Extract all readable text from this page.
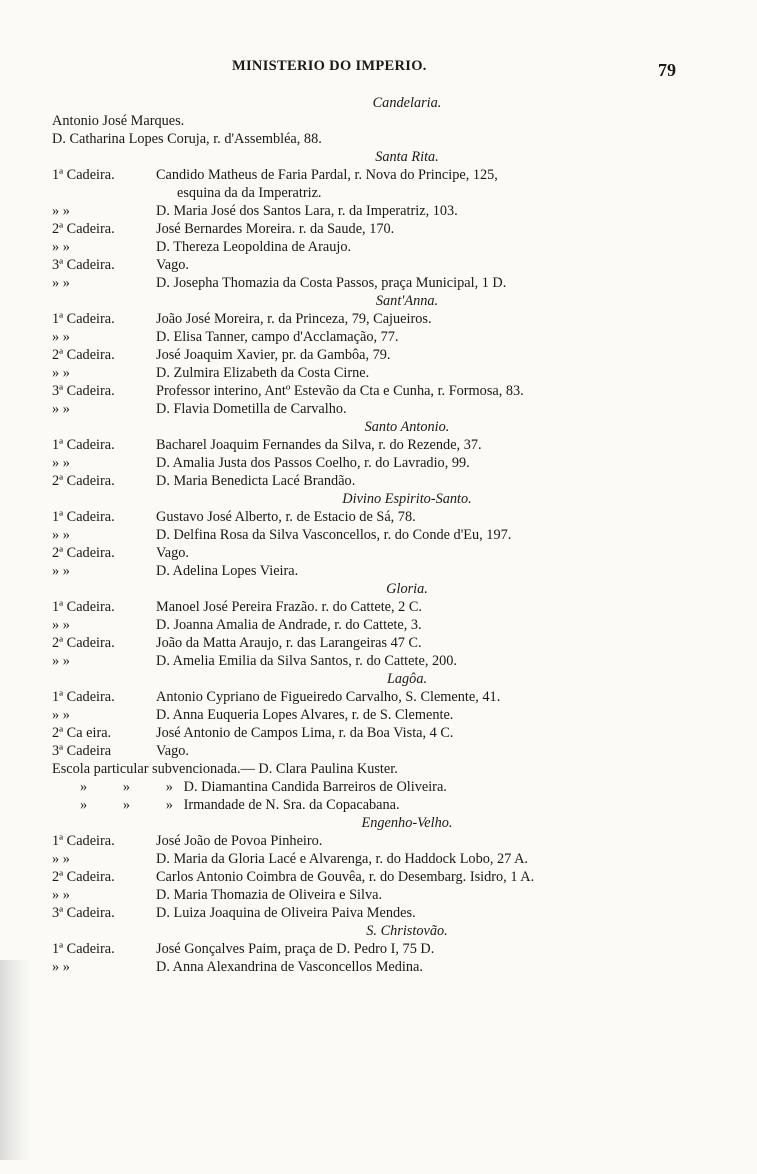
MINISTERIO DO IMPERIO.	79
Candelaria.
Antonio José Marques.
D. Catharina Lopes Coruja, r. d'Assembléa, 88.
Santa Rita.
1ª Cadeira.	Candido Matheus de Faria Pardal, r. Nova do Principe, 125,
esquina da da Imperatriz.
» »	D. Maria José dos Santos Lara, r. da Imperatriz, 103.
2ª Cadeira.	José Bernardes Moreira. r. da Saude, 170.
» »	D. Thereza Leopoldina de Araujo.
3ª Cadeira.	Vago.
» »	D. Josepha Thomazia da Costa Passos, praça Municipal, 1 D.
Sant'Anna.
1ª Cadeira.	João José Moreira, r. da Princeza, 79, Cajueiros.
» »	D. Elisa Tanner, campo d'Acclamação, 77.
2ª Cadeira.	José Joaquim Xavier, pr. da Gambôa, 79.
» »	D. Zulmira Elizabeth da Costa Cirne.
3ª Cadeira.	Professor interino, Antº Estevão da Cta e Cunha, r. Formosa, 83.
» »	D. Flavia Dometilla de Carvalho.
Santo Antonio.
1ª Cadeira.	Bacharel Joaquim Fernandes da Silva, r. do Rezende, 37.
» »	D. Amalia Justa dos Passos Coelho, r. do Lavradio, 99.
2ª Cadeira.	D. Maria Benedicta Lacé Brandão.
Divino Espirito-Santo.
1ª Cadeira.	Gustavo José Alberto, r. de Estacio de Sá, 78.
» »	D. Delfina Rosa da Silva Vasconcellos, r. do Conde d'Eu, 197.
2ª Cadeira.	Vago.
» »	D. Adelina Lopes Vieira.
Gloria.
1ª Cadeira.	Manoel José Pereira Frazão. r. do Cattete, 2 C.
» »	D. Joanna Amalia de Andrade, r. do Cattete, 3.
2ª Cadeira.	João da Matta Araujo, r. das Larangeiras 47 C.
» »	D. Amelia Emilia da Silva Santos, r. do Cattete, 200.
Lagôa.
1ª Cadeira.	Antonio Cypriano de Figueiredo Carvalho, S. Clemente, 41.
» »	D. Anna Euqueria Lopes Alvares, r. de S. Clemente.
2ª Ca eira.	José Antonio de Campos Lima, r. da Boa Vista, 4 C.
3ª Cadeira	Vago.
Escola particular subvencionada.— D. Clara Paulina Kuster.
»          »          »   D. Diamantina Candida Barreiros de Oliveira.
»          »          »   Irmandade de N. Sra. da Copacabana.
Engenho-Velho.
1ª Cadeira.	José João de Povoa Pinheiro.
» »	D. Maria da Gloria Lacé e Alvarenga, r. do Haddock Lobo, 27 A.
2ª Cadeira.	Carlos Antonio Coimbra de Gouvêa, r. do Desembarg. Isidro, 1 A.
» »	D. Maria Thomazia de Oliveira e Silva.
3ª Cadeira.	D. Luiza Joaquina de Oliveira Paiva Mendes.
S. Christovão.
1ª Cadeira.	José Gonçalves Paim, praça de D. Pedro I, 75 D.
» »	D. Anna Alexandrina de Vasconcellos Medina.
